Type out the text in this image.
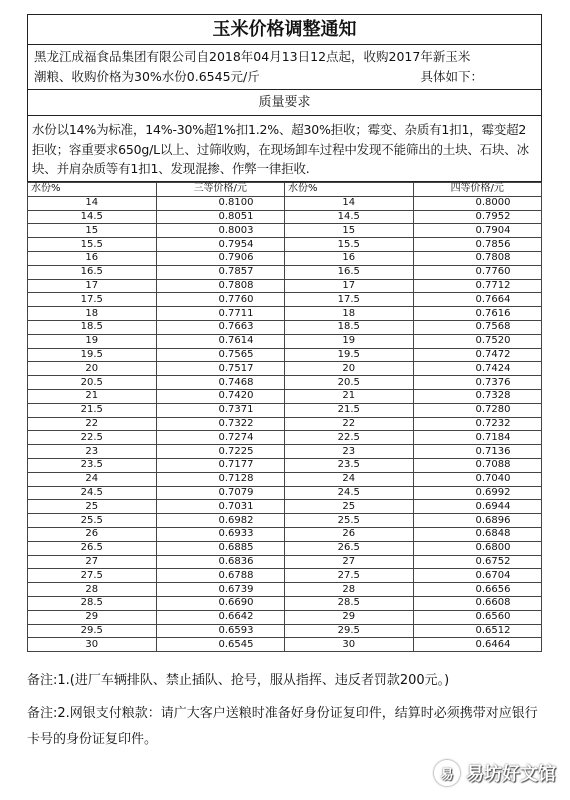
玉米价格调整通知
黑龙江成福食品集团有限公司自2018年04月13日12点起，收购2017年新玉米
潮粮、收购价格为30%水份0.6545元/斤	具体如下：
质量要求
水份以14%为标准，14%-30%超1%扣1.2%、超30%拒收；霉变、杂质有1扣1，霉变超2拒收；容重要求650g/L以上、过筛收购，在现场卸车过程中发现不能筛出的土块、石块、冰块、并肩杂质等有1扣1、发现混掺、作弊一律拒收.
水份%	三等价格/元	水份%	四等价格/元
14	0.8100	14	0.8000
14.5	0.8051	14.5	0.7952
15	0.8003	15	0.7904
15.5	0.7954	15.5	0.7856
16	0.7906	16	0.7808
16.5	0.7857	16.5	0.7760
17	0.7808	17	0.7712
17.5	0.7760	17.5	0.7664
18	0.7711	18	0.7616
18.5	0.7663	18.5	0.7568
19	0.7614	19	0.7520
19.5	0.7565	19.5	0.7472
20	0.7517	20	0.7424
20.5	0.7468	20.5	0.7376
21	0.7420	21	0.7328
21.5	0.7371	21.5	0.7280
22	0.7322	22	0.7232
22.5	0.7274	22.5	0.7184
23	0.7225	23	0.7136
23.5	0.7177	23.5	0.7088
24	0.7128	24	0.7040
24.5	0.7079	24.5	0.6992
25	0.7031	25	0.6944
25.5	0.6982	25.5	0.6896
26	0.6933	26	0.6848
26.5	0.6885	26.5	0.6800
27	0.6836	27	0.6752
27.5	0.6788	27.5	0.6704
28	0.6739	28	0.6656
28.5	0.6690	28.5	0.6608
29	0.6642	29	0.6560
29.5	0.6593	29.5	0.6512
30	0.6545	30	0.6464
备注:1.(进厂车辆排队、禁止插队、抢号，服从指挥、违反者罚款200元。)
备注:2.网银支付粮款：请广大客户送粮时准备好身份证复印件，结算时必须携带对应银行卡号的身份证复印件。
易 易坊好文馆
